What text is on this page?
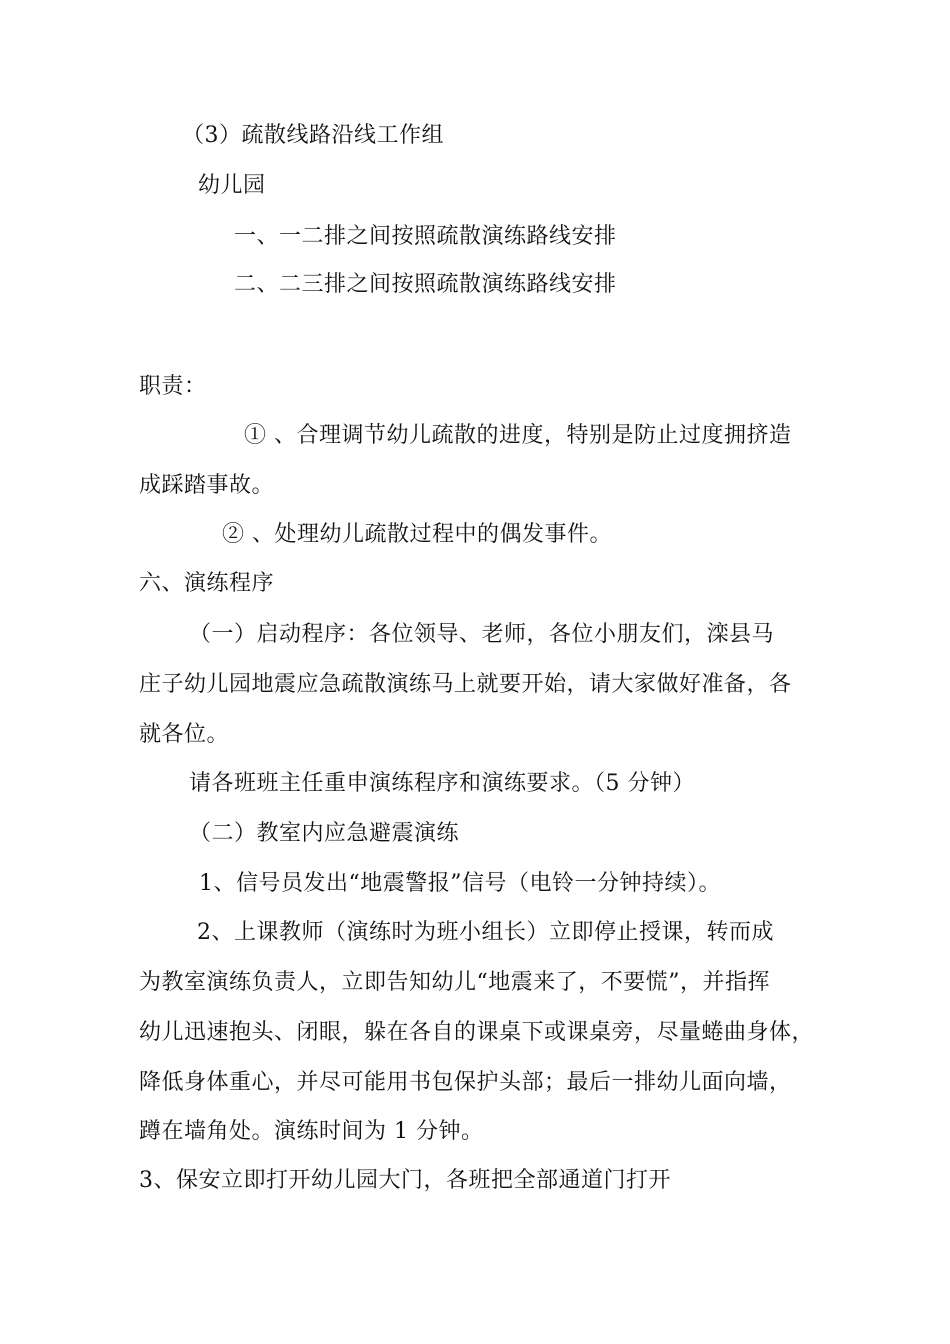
（3）疏散线路沿线工作组
幼儿园
一、一二排之间按照疏散演练路线安排
二、二三排之间按照疏散演练路线安排
职责：
① 、合理调节幼儿疏散的进度，特别是防止过度拥挤造
成踩踏事故。
② 、处理幼儿疏散过程中的偶发事件。
六、演练程序
（一）启动程序：各位领导、老师，各位小朋友们，滦县马
庄子幼儿园地震应急疏散演练马上就要开始，请大家做好准备，各
就各位。
请各班班主任重申演练程序和演练要求。（5 分钟）
（二）教室内应急避震演练
1、信号员发出“地震警报”信号（电铃一分钟持续）。
2、上课教师（演练时为班小组长）立即停止授课，转而成
为教室演练负责人，立即告知幼儿“地震来了，不要慌”，并指挥
幼儿迅速抱头、闭眼，躲在各自的课桌下或课桌旁，尽量蜷曲身体，
降低身体重心，并尽可能用书包保护头部；最后一排幼儿面向墙，
蹲在墙角处。演练时间为 1 分钟。
3、保安立即打开幼儿园大门，各班把全部通道门打开
